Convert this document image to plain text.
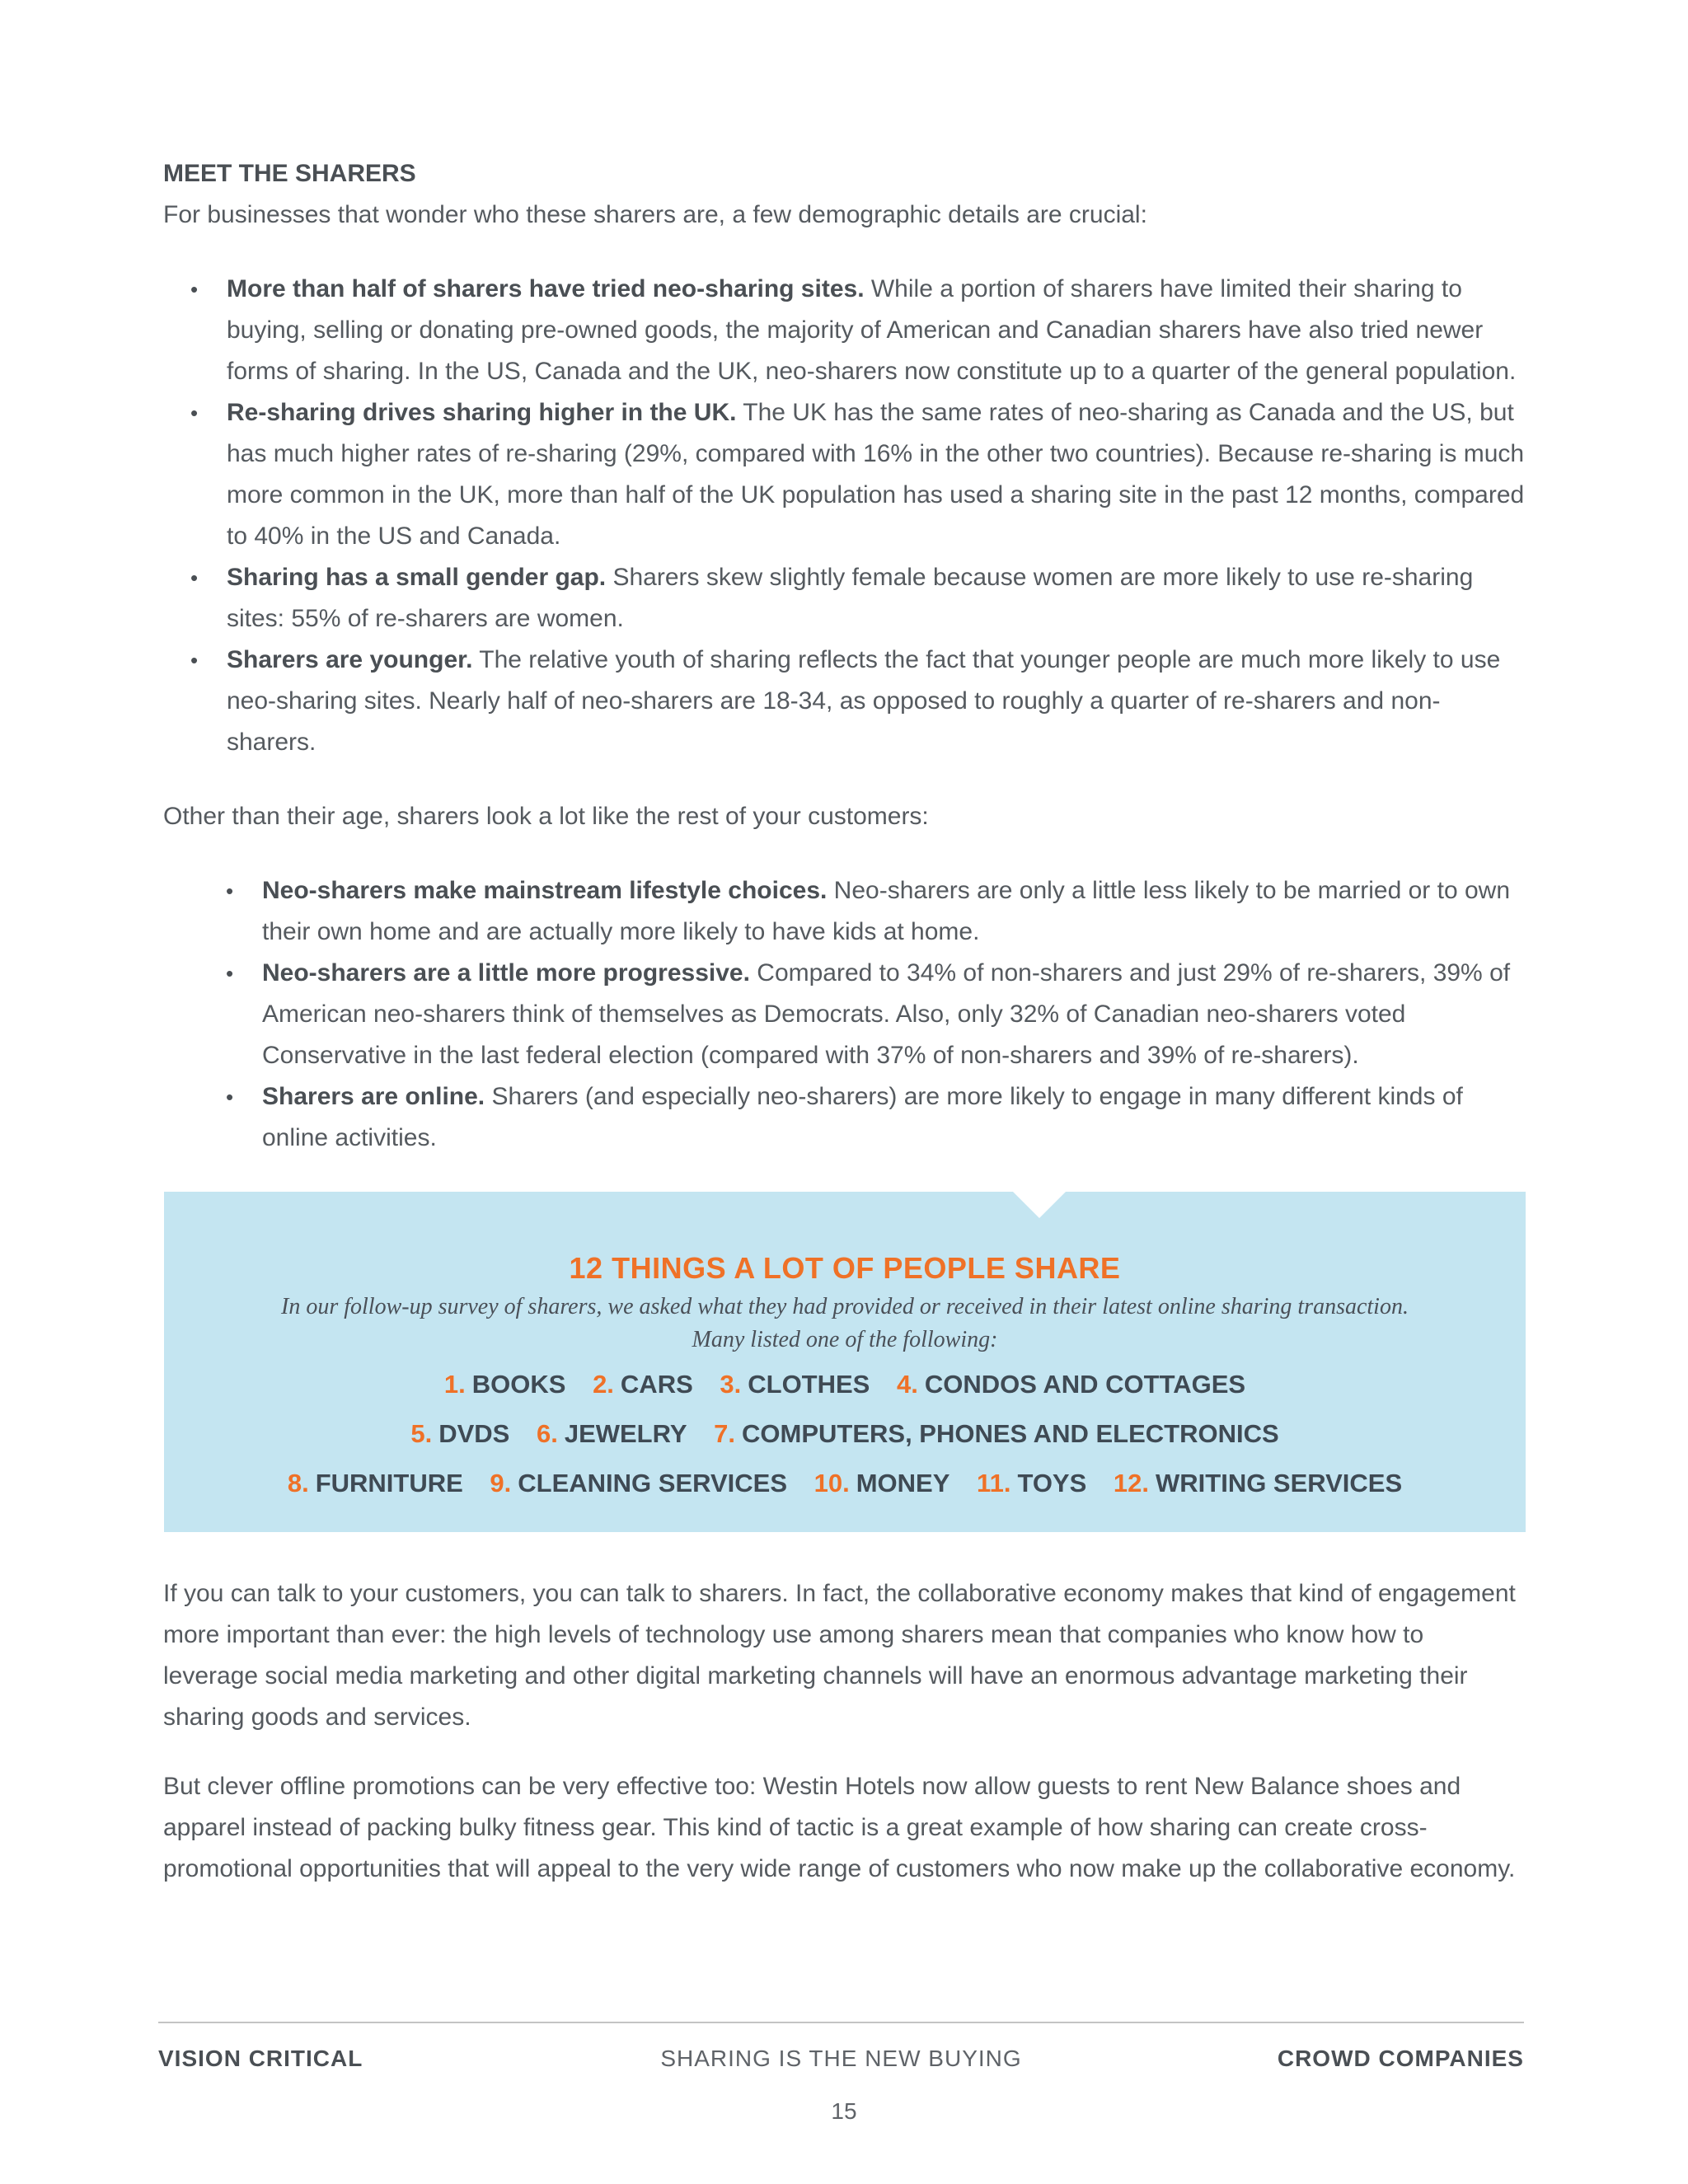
MEET THE SHARERS

For businesses that wonder who these sharers are, a few demographic details are crucial:

• More than half of sharers have tried neo-sharing sites. While a portion of sharers have limited their sharing to buying, selling or donating pre-owned goods, the majority of American and Canadian sharers have also tried newer forms of sharing. In the US, Canada and the UK, neo-sharers now constitute up to a quarter of the general population.
• Re-sharing drives sharing higher in the UK. The UK has the same rates of neo-sharing as Canada and the US, but has much higher rates of re-sharing (29%, compared with 16% in the other two countries). Because re-sharing is much more common in the UK, more than half of the UK population has used a sharing site in the past 12 months, compared to 40% in the US and Canada.
• Sharing has a small gender gap. Sharers skew slightly female because women are more likely to use re-sharing sites: 55% of re-sharers are women.
• Sharers are younger. The relative youth of sharing reflects the fact that younger people are much more likely to use neo-sharing sites. Nearly half of neo-sharers are 18-34, as opposed to roughly a quarter of re-sharers and non-sharers.

Other than their age, sharers look a lot like the rest of your customers:

• Neo-sharers make mainstream lifestyle choices. Neo-sharers are only a little less likely to be married or to own their own home and are actually more likely to have kids at home.
• Neo-sharers are a little more progressive. Compared to 34% of non-sharers and just 29% of re-sharers, 39% of American neo-sharers think of themselves as Democrats. Also, only 32% of Canadian neo-sharers voted Conservative in the last federal election (compared with 37% of non-sharers and 39% of re-sharers).
• Sharers are online. Sharers (and especially neo-sharers) are more likely to engage in many different kinds of online activities.
12 THINGS A LOT OF PEOPLE SHARE
In our follow-up survey of sharers, we asked what they had provided or received in their latest online sharing transaction.
Many listed one of the following:
1. BOOKS 2. CARS 3. CLOTHES 4. CONDOS AND COTTAGES
5. DVDS 6. JEWELRY 7. COMPUTERS, PHONES AND ELECTRONICS
8. FURNITURE 9. CLEANING SERVICES 10. MONEY 11. TOYS 12. WRITING SERVICES

If you can talk to your customers, you can talk to sharers. In fact, the collaborative economy makes that kind of engagement more important than ever: the high levels of technology use among sharers mean that companies who know how to leverage social media marketing and other digital marketing channels will have an enormous advantage marketing their sharing goods and services.

But clever offline promotions can be very effective too: Westin Hotels now allow guests to rent New Balance shoes and apparel instead of packing bulky fitness gear. This kind of tactic is a great example of how sharing can create cross-promotional opportunities that will appeal to the very wide range of customers who now make up the collaborative economy.

VISION CRITICAL	SHARING IS THE NEW BUYING	CROWD COMPANIES
15
